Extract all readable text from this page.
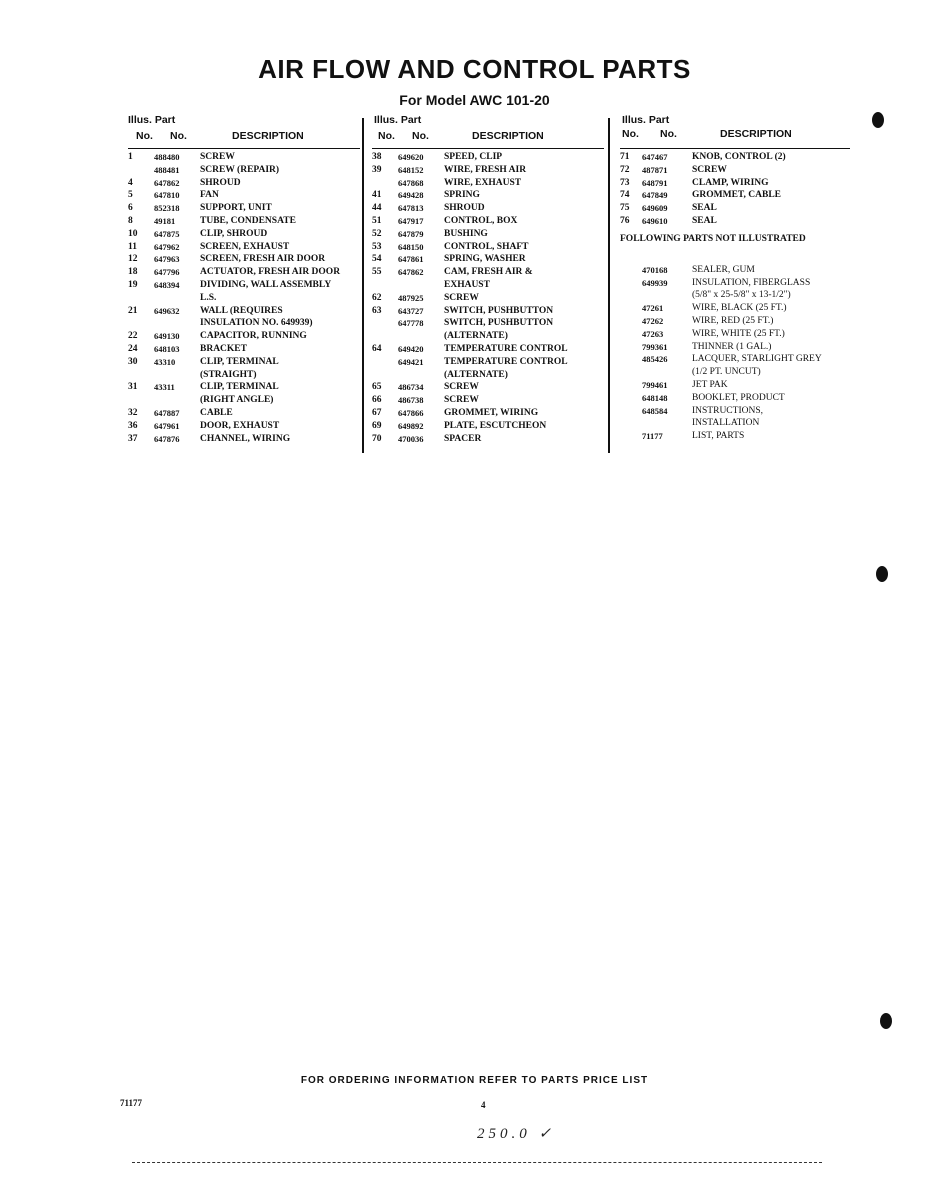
AIR FLOW AND CONTROL PARTS
For Model AWC 101-20
Illus. Part
No. No.	DESCRIPTION
1	488480 SCREW
488481 SCREW (REPAIR)
4	647862 SHROUD
5	647810 FAN
6	852318 SUPPORT, UNIT
8	49181	TUBE, CONDENSATE
10 647875 CLIP, SHROUD
11 647962 SCREEN, EXHAUST
12 647963 SCREEN, FRESH AIR DOOR
18 647796 ACTUATOR, FRESH AIR DOOR
19 648394 DIVIDING, WALL ASSEMBLY
L.S.
21 649632 WALL (REQUIRES
INSULATION NO. 649939)
22 649130 CAPACITOR, RUNNING
24 648103 BRACKET
30 43310	CLIP, TERMINAL
(STRAIGHT)
31 43311	CLIP, TERMINAL
(RIGHT ANGLE)
32 647887 CABLE
36 647961 DOOR, EXHAUST
37 647876 CHANNEL, WIRING
Illus. Part
No. No.	DESCRIPTION
38 649620 SPEED, CLIP
39 648152 WIRE, FRESH AIR
647868 WIRE, EXHAUST
41 649428 SPRING
44 647813 SHROUD
51 647917 CONTROL, BOX
52 647879 BUSHING
53 648150 CONTROL, SHAFT
54 647861 SPRING, WASHER
55 647862 CAM, FRESH AIR &
EXHAUST
62 487925 SCREW
63 643727 SWITCH, PUSHBUTTON
647778 SWITCH, PUSHBUTTON
(ALTERNATE)
64 649420 TEMPERATURE CONTROL
649421 TEMPERATURE CONTROL
(ALTERNATE)
65 486734 SCREW
66 486738 SCREW
67 647866 GROMMET, WIRING
69 649892 PLATE, ESCUTCHEON
70 470036 SPACER
Illus. Part
No. No.	DESCRIPTION
71 647467	KNOB, CONTROL (2)
72 487871	SCREW
73 648791	CLAMP, WIRING
74 647849	GROMMET, CABLE
75 649609	SEAL
76 649610	SEAL
FOLLOWING PARTS NOT ILLUSTRATED
470168	SEALER, GUM
649939	INSULATION, FIBERGLASS
(5/8" x 25-5/8" x 13-1/2")
47261	WIRE, BLACK (25 FT.)
47262	WIRE, RED (25 FT.)
47263	WIRE, WHITE (25 FT.)
799361	THINNER (1 GAL.)
485426	LACQUER, STARLIGHT GREY
(1/2 PT. UNCUT)
799461	JET PAK
648148	BOOKLET, PRODUCT
648584	INSTRUCTIONS,
INSTALLATION
71177	LIST, PARTS
FOR ORDERING INFORMATION REFER TO PARTS PRICE LIST
71177	4
250.0 ✓
